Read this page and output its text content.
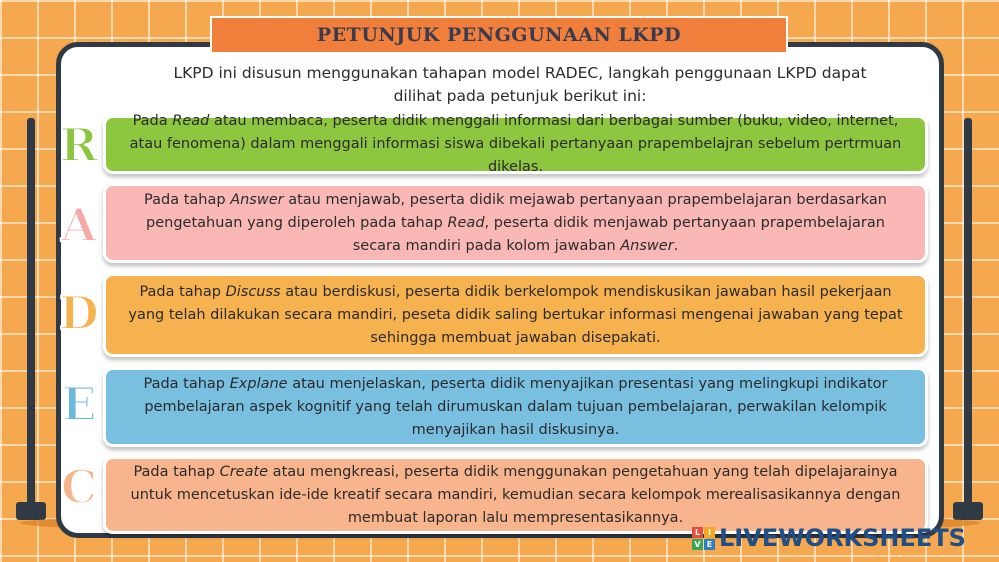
PETUNJUK PENGGUNAAN LKPD
LKPD ini disusun menggunakan tahapan model RADEC, langkah penggunaan LKPD dapat
dilihat pada petunjuk berikut ini:
R	Pada Read atau membaca, peserta didik menggali informasi dari berbagai sumber (buku, video, internet, atau fenomena) dalam menggali informasi siswa dibekali pertanyaan prapembelajran sebelum pertrmuan dikelas.

A	Pada tahap Answer atau menjawab, peserta didik mejawab pertanyaan prapembelajaran berdasarkan pengetahuan yang diperoleh pada tahap Read, peserta didik menjawab pertanyaan prapembelajaran secara mandiri pada kolom jawaban Answer.

D	Pada tahap Discuss atau berdiskusi, peserta didik berkelompok mendiskusikan jawaban hasil pekerjaan yang telah dilakukan secara mandiri, peseta didik saling bertukar informasi mengenai jawaban yang tepat sehingga membuat jawaban disepakati.

E	Pada tahap Explane atau menjelaskan, peserta didik menyajikan presentasi yang melingkupi indikator pembelajaran aspek kognitif yang telah dirumuskan dalam tujuan pembelajaran, perwakilan kelompik menyajikan hasil diskusinya.

C	Pada tahap Create atau mengkreasi, peserta didik menggunakan pengetahuan yang telah dipelajarainya untuk mencetuskan ide-ide kreatif secara mandiri, kemudian secara kelompok merealisasikannya dengan membuat laporan lalu mempresentasikannya.

L I
V E LIVEWORKSHEETS
